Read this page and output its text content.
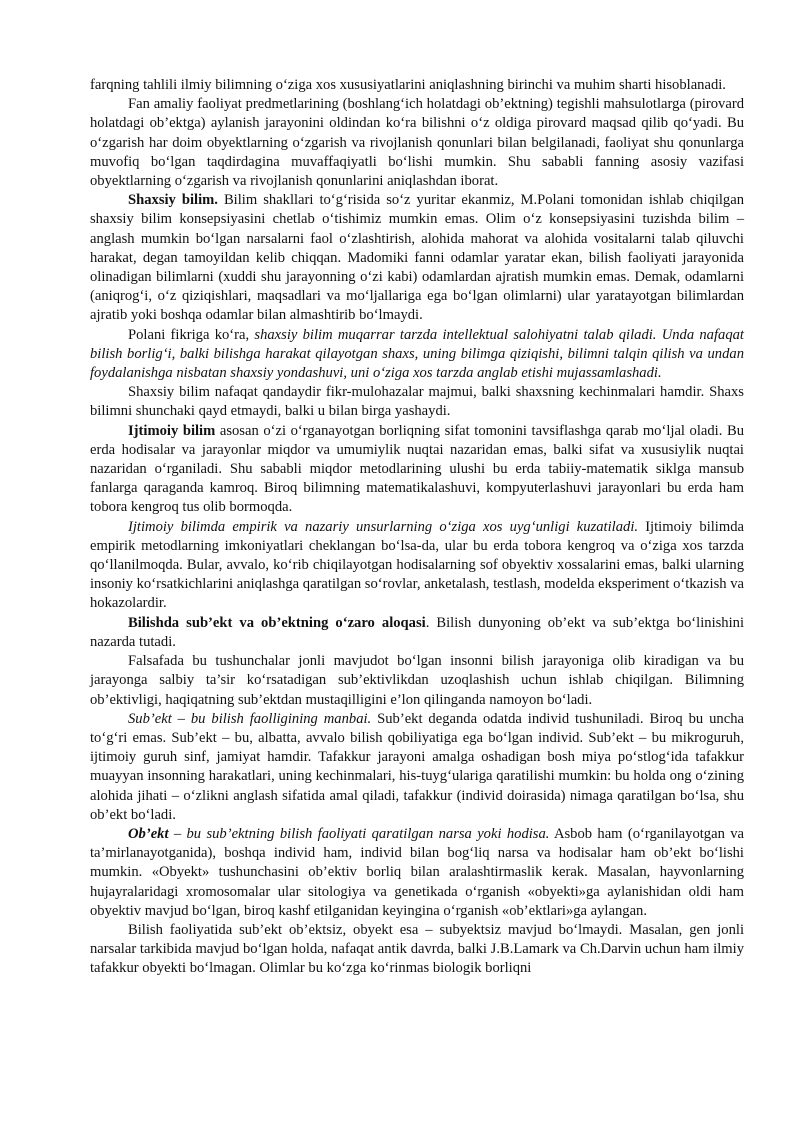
farqning tahlili ilmiy bilimning o‘ziga xos xususiyatlarini aniqlashning birinchi va muhim sharti hisoblanadi.

Fan amaliy faoliyat predmetlarining (boshlang‘ich holatdagi ob’ektning) tegishli mahsulotlarga (pirovard holatdagi ob’ektga) aylanish jarayonini oldindan ko‘ra bilishni o‘z oldiga pirovard maqsad qilib qo‘yadi. Bu o‘zgarish har doim obyektlarning o‘zgarish va rivojlanish qonunlari bilan belgilanadi, faoliyat shu qonunlarga muvofiq bo‘lgan taqdirdagina muvaffaqiyatli bo‘lishi mumkin. Shu sababli fanning asosiy vazifasi obyektlarning o‘zgarish va rivojlanish qonunlarini aniqlashdan iborat.

Shaxsiy bilim. Bilim shakllari to‘g‘risida so‘z yuritar ekanmiz, M.Polani tomonidan ishlab chiqilgan shaxsiy bilim konsepsiyasini chetlab o‘tishimiz mumkin emas. Olim o‘z konsepsiyasini tuzishda bilim – anglash mumkin bo‘lgan narsalarni faol o‘zlashtirish, alohida mahorat va alohida vositalarni talab qiluvchi harakat, degan tamoyildan kelib chiqqan. Madomiki fanni odamlar yaratar ekan, bilish faoliyati jarayonida olinadigan bilimlarni (xuddi shu jarayonning o‘zi kabi) odamlardan ajratish mumkin emas. Demak, odamlarni (aniqrog‘i, o‘z qiziqishlari, maqsadlari va mo‘ljallariga ega bo‘lgan olimlarni) ular yaratayotgan bilimlardan ajratib yoki boshqa odamlar bilan almashtirib bo‘lmaydi.

Polani fikriga ko‘ra, shaxsiy bilim muqarrar tarzda intellektual salohiyatni talab qiladi. Unda nafaqat bilish borlig‘i, balki bilishga harakat qilayotgan shaxs, uning bilimga qiziqishi, bilimni talqin qilish va undan foydalanishga nisbatan shaxsiy yondashuvi, uni o‘ziga xos tarzda anglab etishi mujassamlashadi.

Shaxsiy bilim nafaqat qandaydir fikr-mulohazalar majmui, balki shaxsning kechinmalari hamdir. Shaxs bilimni shunchaki qayd etmaydi, balki u bilan birga yashaydi.

Ijtimoiy bilim asosan o‘zi o‘rganayotgan borliqning sifat tomonini tavsiflashga qarab mo‘ljal oladi. Bu erda hodisalar va jarayonlar miqdor va umumiylik nuqtai nazaridan emas, balki sifat va xususiylik nuqtai nazaridan o‘rganiladi. Shu sababli miqdor metodlarining ulushi bu erda tabiiy-matematik siklga mansub fanlarga qaraganda kamroq. Biroq bilimning matematikalashuvi, kompyuterlashuvi jarayonlari bu erda ham tobora kengroq tus olib bormoqda.

Ijtimoiy bilimda empirik va nazariy unsurlarning o‘ziga xos uyg‘unligi kuzatiladi. Ijtimoiy bilimda empirik metodlarning imkoniyatlari cheklangan bo‘lsa-da, ular bu erda tobora kengroq va o‘ziga xos tarzda qo‘llanilmoqda. Bular, avvalo, ko‘rib chiqilayotgan hodisalarning sof obyektiv xossalarini emas, balki ularning insoniy ko‘rsatkichlarini aniqlashga qaratilgan so‘rovlar, anketalash, testlash, modelda eksperiment o‘tkazish va hokazolardir.

Bilishda sub’ekt va ob’ektning o‘zaro aloqasi. Bilish dunyoning ob’ekt va sub’ektga bo‘linishini nazarda tutadi.

Falsafada bu tushunchalar jonli mavjudot bo‘lgan insonni bilish jarayoniga olib kiradigan va bu jarayonga salbiy ta’sir ko‘rsatadigan sub’ektivlikdan uzoqlashish uchun ishlab chiqilgan. Bilimning ob’ektivligi, haqiqatning sub’ektdan mustaqilligini e’lon qilinganda namoyon bo‘ladi.

Sub’ekt – bu bilish faolligining manbai. Sub’ekt deganda odatda individ tushuniladi. Biroq bu uncha to‘g‘ri emas. Sub’ekt – bu, albatta, avvalo bilish qobiliyatiga ega bo‘lgan individ. Sub’ekt – bu mikroguruh, ijtimoiy guruh sinf, jamiyat hamdir. Tafakkur jarayoni amalga oshadigan bosh miya po‘stlog‘ida tafakkur muayyan insonning harakatlari, uning kechinmalari, his-tuyg‘ulariga qaratilishi mumkin: bu holda ong o‘zining alohida jihati – o‘zlikni anglash sifatida amal qiladi, tafakkur (individ doirasida) nimaga qaratilgan bo‘lsa, shu ob’ekt bo‘ladi.

Ob’ekt – bu sub’ektning bilish faoliyati qaratilgan narsa yoki hodisa. Asbob ham (o‘rganilayotgan va ta’mirlanayotganida), boshqa individ ham, individ bilan bog‘liq narsa va hodisalar ham ob’ekt bo‘lishi mumkin. «Obyekt» tushunchasini ob’ektiv borliq bilan aralashtirmaslik kerak. Masalan, hayvonlarning hujayralaridagi xromosomalar ular sitologiya va genetikada o‘rganish «obyekti»ga aylanishidan oldi ham obyektiv mavjud bo‘lgan, biroq kashf etilganidan keyingina o‘rganish «ob’ektlari»ga aylangan.

Bilish faoliyatida sub’ekt ob’ektsiz, obyekt esa – subyektsiz mavjud bo‘lmaydi. Masalan, gen jonli narsalar tarkibida mavjud bo‘lgan holda, nafaqat antik davrda, balki J.B.Lamark va Ch.Darvin uchun ham ilmiy tafakkur obyekti bo‘lmagan. Olimlar bu ko‘zga ko‘rinmas biologik borliqni
